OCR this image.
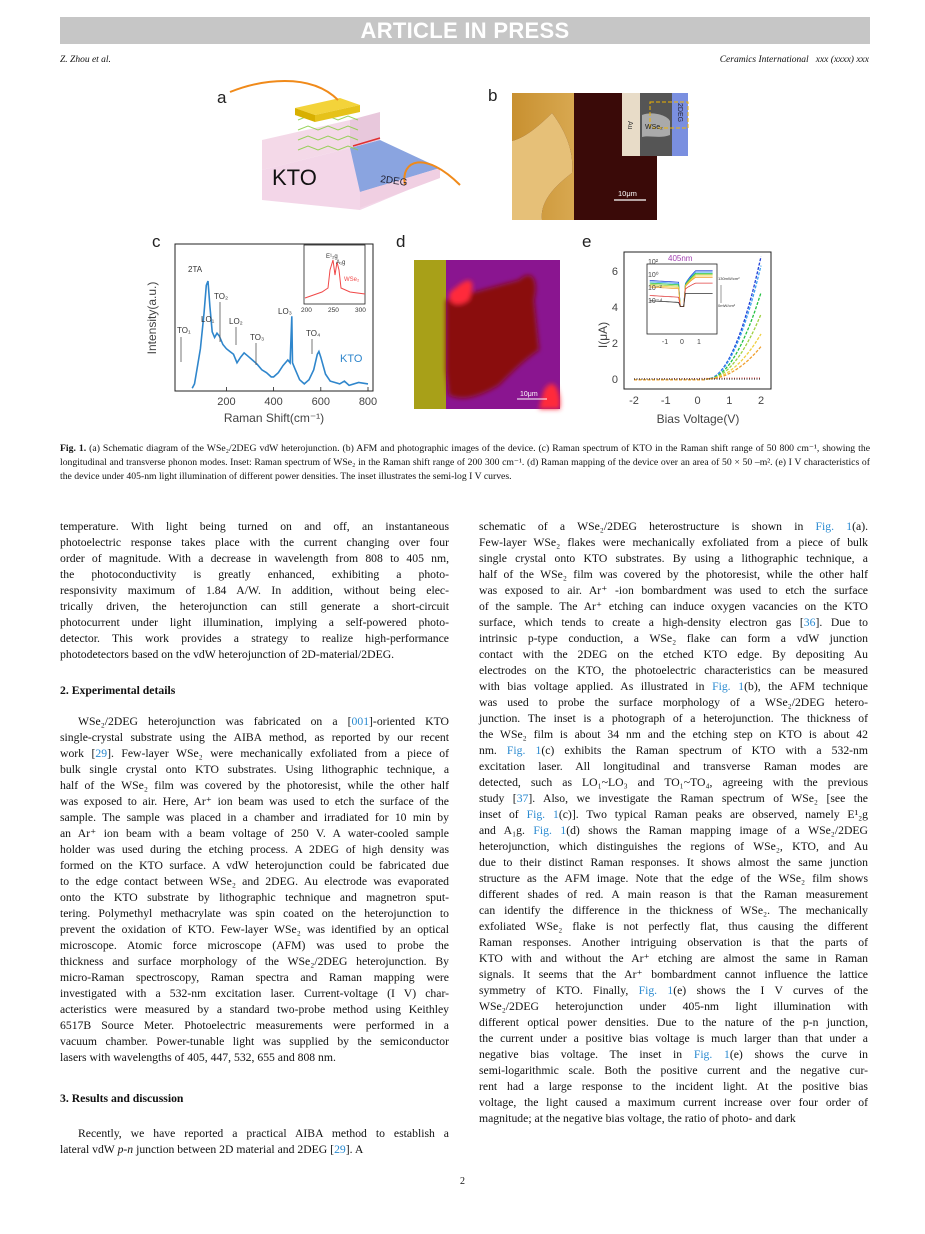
ARTICLE IN PRESS
Z. Zhou et al.	Ceramics International   xxx (xxxx) xxx
a	b
c	d	e
KTO	2DEG
Au WSe₂
2DEG
10μm
200	400	600	800
Intensity(a.u.)
Raman Shift(cm⁻¹)
2TA
TO₁
LO₁
TO₂
LO₂
TO₃
LO₃
TO₄
KTO
E¹₂g
A₁g
WSe₂
200 250 300
10μm
-2 -1 0 1 2
0
2
4
6
I(μA)
Bias Voltage(V)
10²
10⁰
10⁻²
10⁻⁴
-1 0 1
405nm
130mW/cm²
0mW/cm²
Fig. 1. (a) Schematic diagram of the WSe₂/2DEG vdW heterojunction. (b) AFM and photographic images of the device. (c) Raman spectrum of KTO in the Raman shift range of 50 800 cm⁻¹, showing the longitudinal and transverse phonon modes. Inset: Raman spectrum of WSe₂ in the Raman shift range of 200 300 cm⁻¹. (d) Raman mapping of the device over an area of 50 × 50 –m². (e) I V characteristics of the device under 405-nm light illumination of different power densities. The inset illustrates the semi-log I V curves.
temperature. With light being turned on and off, an instantaneous
photoelectric response takes place with the current changing over four
order of magnitude. With a decrease in wavelength from 808 to 405 nm,
the photoconductivity is greatly enhanced, exhibiting a photo-
responsivity maximum of 1.84 A/W. In addition, without being elec-
trically driven, the heterojunction can still generate a short-circuit
photocurrent under light illumination, implying a self-powered photo-
detector. This work provides a strategy to realize high-performance
photodetectors based on the vdW heterojunction of 2D-material/2DEG.
2. Experimental details
WSe₂/2DEG heterojunction was fabricated on a [001]-oriented KTO
single-crystal substrate using the AIBA method, as reported by our recent
work [29]. Few-layer WSe₂ were mechanically exfoliated from a piece of
bulk single crystal onto KTO substrates. Using lithographic technique, a
half of the WSe₂ film was covered by the photoresist, while the other half
was exposed to air. Here, Ar⁺ ion beam was used to etch the surface of the
sample. The sample was placed in a chamber and irradiated for 10 min by
an Ar⁺ ion beam with a beam voltage of 250 V. A water-cooled sample
holder was used during the etching process. A 2DEG of high density was
formed on the KTO surface. A vdW heterojunction could be fabricated due
to the edge contact between WSe₂ and 2DEG. Au electrode was evaporated
onto the KTO substrate by lithographic technique and magnetron sput-
tering. Polymethyl methacrylate was spin coated on the heterojunction to
prevent the oxidation of KTO. Few-layer WSe₂ was identified by an optical
microscope. Atomic force microscope (AFM) was used to probe the
thickness and surface morphology of the WSe₂/2DEG heterojunction. By
micro-Raman spectroscopy, Raman spectra and Raman mapping were
investigated with a 532-nm excitation laser. Current-voltage (I V) char-
acteristics were measured by a standard two-probe method using Keithley
6517B Source Meter. Photoelectric measurements were performed in a
vacuum chamber. Power-tunable light was supplied by the semiconductor
lasers with wavelengths of 405, 447, 532, 655 and 808 nm.
3. Results and discussion
Recently, we have reported a practical AIBA method to establish a
lateral vdW p-n junction between 2D material and 2DEG [29]. A
schematic of a WSe₂/2DEG heterostructure is shown in Fig. 1(a).
Few-layer WSe₂ flakes were mechanically exfoliated from a piece of bulk
single crystal onto KTO substrates. By using a lithographic technique, a
half of the WSe₂ film was covered by the photoresist, while the other half
was exposed to air. Ar⁺ -ion bombardment was used to etch the surface
of the sample. The Ar⁺ etching can induce oxygen vacancies on the KTO
surface, which tends to create a high-density electron gas [36]. Due to
intrinsic p-type conduction, a WSe₂ flake can form a vdW junction
contact with the 2DEG on the etched KTO edge. By depositing Au
electrodes on the KTO, the photoelectric characteristics can be measured
with bias voltage applied. As illustrated in Fig. 1(b), the AFM technique
was used to probe the surface morphology of a WSe₂/2DEG hetero-
junction. The inset is a photograph of a heterojunction. The thickness of
the WSe₂ film is about 34 nm and the etching step on KTO is about 42
nm. Fig. 1(c) exhibits the Raman spectrum of KTO with a 532-nm
excitation laser. All longitudinal and transverse Raman modes are
detected, such as LO₁~LO₃ and TO₁~TO₄, agreeing with the previous
study [37]. Also, we investigate the Raman spectrum of WSe₂ [see the
inset of Fig. 1(c)]. Two typical Raman peaks are observed, namely E¹₂g
and A₁g. Fig. 1(d) shows the Raman mapping image of a WSe₂/2DEG
heterojunction, which distinguishes the regions of WSe₂, KTO, and Au
due to their distinct Raman responses. It shows almost the same junction
structure as the AFM image. Note that the edge of the WSe₂ film shows
different shades of red. A main reason is that the Raman measurement
can identify the difference in the thickness of WSe₂. The mechanically
exfoliated WSe₂ flake is not perfectly flat, thus causing the different
Raman responses. Another intriguing observation is that the parts of
KTO with and without the Ar⁺ etching are almost the same in Raman
signals. It seems that the Ar⁺ bombardment cannot influence the lattice
symmetry of KTO. Finally, Fig. 1(e) shows the I V curves of the
WSe₂/2DEG heterojunction under 405-nm light illumination with
different optical power densities. Due to the nature of the p-n junction,
the current under a positive bias voltage is much larger than that under a
negative bias voltage. The inset in Fig. 1(e) shows the curve in
semi-logarithmic scale. Both the positive current and the negative cur-
rent had a large response to the incident light. At the positive bias
voltage, the light caused a maximum current increase over four order of
magnitude; at the negative bias voltage, the ratio of photo- and dark
2
